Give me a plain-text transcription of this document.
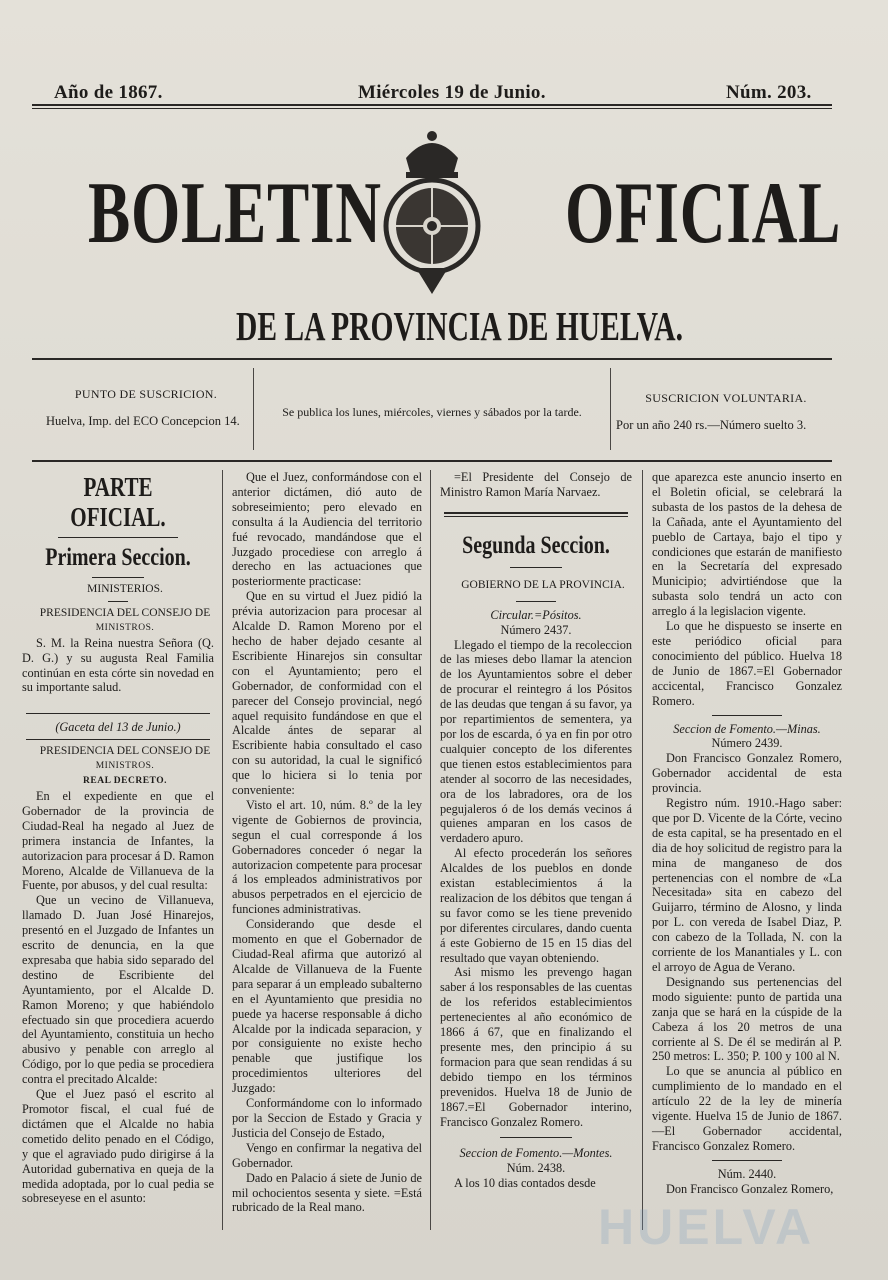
Año de 1867.	Miércoles 19 de Junio.	Núm. 203.
BOLETIN OFICIAL
DE LA PROVINCIA DE HUELVA.
PUNTO DE SUSCRICION.
Huelva, Imp. del ECO Concepcion 14.
Se publica los lunes, miércoles, viernes y sábados por la tarde.
SUSCRICION VOLUNTARIA.
Por un año 240 rs.—Número suelto 3.
PARTE OFICIAL.
Primera Seccion.

MINISTERIOS.

PRESIDENCIA DEL CONSEJO DE

MINISTROS.

S. M. la Reina nuestra Señora (Q. D. G.) y su augusta Real Familia continúan en esta córte sin novedad en su importante salud.

(Gaceta del 13 de Junio.)

PRESIDENCIA DEL CONSEJO DE

MINISTROS.

REAL DECRETO.

En el expediente en que el Gobernador de la provincia de Ciudad-Real ha negado al Juez de primera instancia de Infantes, la autorizacion para procesar á D. Ramon Moreno, Alcalde de Villanueva de la Fuente, por abusos, y del cual resulta:

Que un vecino de Villanueva, llamado D. Juan José Hinarejos, presentó en el Juzgado de Infantes un escrito de denuncia, en la que expresaba que habia sido separado del destino de Escribiente del Ayuntamiento, por el Alcalde D. Ramon Moreno; y que habiéndolo efectuado sin que procediera acuerdo del Ayuntamiento, constituia un hecho abusivo y penable con arreglo al Código, por lo que pedia se procediera contra el precitado Alcalde:

Que el Juez pasó el escrito al Promotor fiscal, el cual fué de dictámen que el Alcalde no habia cometido delito penado en el Código, y que el agraviado pudo dirigirse á la Autoridad gubernativa en queja de la medida adoptada, por lo cual pedia se sobreseyese en el asunto:

Que el Juez, conformándose con el anterior dictámen, dió auto de sobreseimiento; pero elevado en consulta á la Audiencia del territorio fué revocado, mandándose que el Juzgado procediese con arreglo á derecho en las actuaciones que posteriormente practicase:

Que en su virtud el Juez pidió la prévia autorizacion para procesar al Alcalde D. Ramon Moreno por el hecho de haber dejado cesante al Escribiente Hinarejos sin consultar con el Ayuntamiento; pero el Gobernador, de conformidad con el parecer del Consejo provincial, negó aquel requisito fundándose en que el Alcalde ántes de separar al Escribiente habia consultado el caso con su autoridad, la cual le significó que lo hiciera si lo tenia por conveniente:

Visto el art. 10, núm. 8.º de la ley vigente de Gobiernos de provincia, segun el cual corresponde á los Gobernadores conceder ó negar la autorizacion competente para procesar á los empleados administrativos por abusos perpetrados en el ejercicio de funciones administrativas.

Considerando que desde el momento en que el Gobernador de Ciudad-Real afirma que autorizó al Alcalde de Villanueva de la Fuente para separar á un empleado subalterno en el Ayuntamiento que presidia no puede ya hacerse responsable á dicho Alcalde por la indicada separacion, y por consiguiente no existe hecho penable que justifique los procedimientos ulteriores del Juzgado:

Conformándome con lo informado por la Seccion de Estado y Gracia y Justicia del Consejo de Estado,

Vengo en confirmar la negativa del Gobernador.

Dado en Palacio á siete de Junio de mil ochocientos sesenta y siete. =Está rubricado de la Real mano.

=El Presidente del Consejo de Ministro Ramon María Narvaez.

Segunda Seccion.

GOBIERNO DE LA PROVINCIA.

Circular.=Pósitos.

Número 2437.

Llegado el tiempo de la recoleccion de las mieses debo llamar la atencion de los Ayuntamientos sobre el deber de procurar el reintegro á los Pósitos de las deudas que tengan á su favor, ya por repartimientos de sementera, ya por los de escarda, ó ya en fin por otro cualquier concepto de los diferentes que tienen estos establecimientos para atender al socorro de las necesidades, ora de los labradores, ora de los pegujaleros ó de los demás vecinos á quienes amparan en los casos de verdadero apuro.

Al efecto procederán los señores Alcaldes de los pueblos en donde existan establecimientos á la realizacion de los débitos que tengan á su favor como se les tiene prevenido por diferentes circulares, dando cuenta á este Gobierno de 15 en 15 dias del resultado que vayan obteniendo.

Asi mismo les prevengo hagan saber á los responsables de las cuentas de los referidos establecimientos pertenecientes al año económico de 1866 á 67, que en finalizando el presente mes, den principio á su formacion para que sean rendidas á su debido tiempo en los términos prevenidos. Huelva 18 de Junio de 1867.=El Gobernador interino, Francisco Gonzalez Romero.

Seccion de Fomento.—Montes.

Núm. 2438.

A los 10 dias contados desde

que aparezca este anuncio inserto en el Boletin oficial, se celebrará la subasta de los pastos de la dehesa de la Cañada, ante el Ayuntamiento del pueblo de Cartaya, bajo el tipo y condiciones que estarán de manifiesto en la Secretaría del expresado Municipio; advirtiéndose que la subasta solo tendrá un acto con arreglo á la legislacion vigente.

Lo que he dispuesto se inserte en este periódico oficial para conocimiento del público. Huelva 18 de Junio de 1867.=El Gobernador accicental, Francisco Gonzalez Romero.

Seccion de Fomento.—Minas.

Número 2439.

Don Francisco Gonzalez Romero, Gobernador accidental de esta provincia.

Registro núm. 1910.-Hago saber: que por D. Vicente de la Córte, vecino de esta capital, se ha presentado en el dia de hoy solicitud de registro para la mina de manganeso de dos pertenencias con el nombre de «La Necesitada» sita en cabezo del Guijarro, término de Alosno, y linda por L. con vereda de Isabel Diaz, P. con cabezo de la Tollada, N. con la corriente de los Manantiales y L. con el arroyo de Agua de Verano.

Designando sus pertenencias del modo siguiente: punto de partida una zanja que se hará en la cúspide de la Cabeza á los 20 metros de una corriente al S. De él se medirán al P. 250 metros: L. 350; P. 100 y 100 al N.

Lo que se anuncia al público en cumplimiento de lo mandado en el artículo 22 de la ley de minería vigente. Huelva 15 de Junio de 1867.—El Gobernador accidental, Francisco Gonzalez Romero.

Núm. 2440.

Don Francisco Gonzalez Romero,

HUELVA
